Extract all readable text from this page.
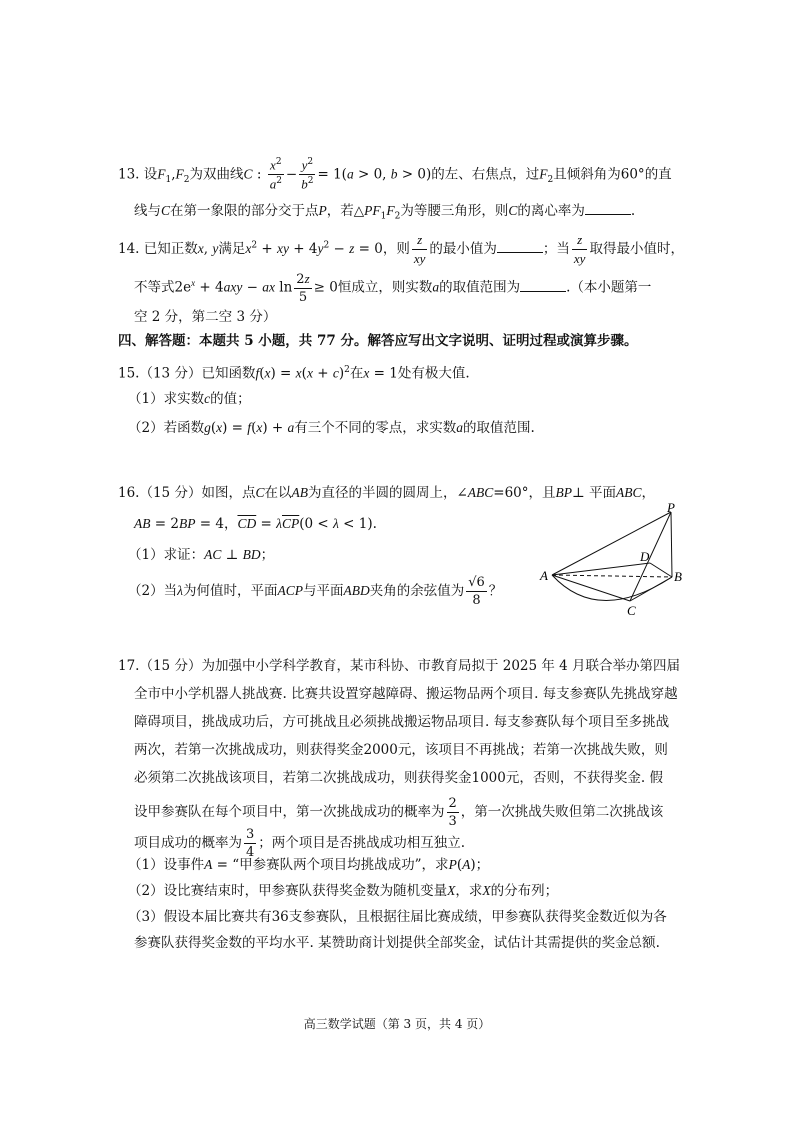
13. 设$F_1,F_2$为双曲线C : $\frac{x^2}{a^2} - \frac{y^2}{b^2} = 1(a > 0$, b > 0)的左、右焦点，过$F_2$且倾斜角为60°的直
线与C在第一象限的部分交于点P，若$\triangle PF_1F_2$为等腰三角形，则C的离心率为	.
14. 已知正数x, y满足$x^2$ + xy + $4y^2 - z = 0$，则 $\frac{z}{xy}$ 的最小值为	；当 $\frac{z}{xy}$ 取得最小值时，
不等式$2e^x + 4axy$ − ax $\ln \frac{2z}{5} \ge 0$恒成立，则实数a的取值范围为	.（本小题第一
空 2 分，第二空 3 分）
四、解答题：本题共 5 小题，共 77 分。解答应写出文字说明、证明过程或演算步骤。
15.（13 分）已知函数$f(x) = x(x + c)^2$在x = 1处有极大值.
（1）求实数c的值；
（2）若函数g(x) = f(x) + a有三个不同的零点，求实数a的取值范围.
16.（15 分）如图，点C在以AB为直径的半圆的圆周上，∠ABC=60°，且BP⊥ 平面ABC，
AB = 2BP = 4，$\overline{CD} = \lambda\overline{CP}(0 < \lambda < 1)$.
（1）求证：AC ⊥ BD；
（2）当λ为何值时，平面ACP与平面ABD夹角的余弦值为 $\frac{√6}{8}$ ？
P
D
A	B
C
17.（15 分）为加强中小学科学教育，某市科协、市教育局拟于 2025 年 4 月联合举办第四届
全市中小学机器人挑战赛. 比赛共设置穿越障碍、搬运物品两个项目. 每支参赛队先挑战穿越
障碍项目，挑战成功后，方可挑战且必须挑战搬运物品项目. 每支参赛队每个项目至多挑战
两次，若第一次挑战成功，则获得奖金2000元，该项目不再挑战；若第一次挑战失败，则
必须第二次挑战该项目，若第二次挑战成功，则获得奖金1000元，否则，不获得奖金. 假
设甲参赛队在每个项目中，第一次挑战成功的概率为 $\frac{2}{3}$ ，第一次挑战失败但第二次挑战该
项目成功的概率为 $\frac{3}{4}$ ；两个项目是否挑战成功相互独立.
（1）设事件A = “甲参赛队两个项目均挑战成功”，求P(A)；
（2）设比赛结束时，甲参赛队获得奖金数为随机变量X，求X的分布列；
（3）假设本届比赛共有36支参赛队，且根据往届比赛成绩，甲参赛队获得奖金数近似为各
参赛队获得奖金数的平均水平. 某赞助商计划提供全部奖金，试估计其需提供的奖金总额.
高三数学试题（第 3 页，共 4 页）
